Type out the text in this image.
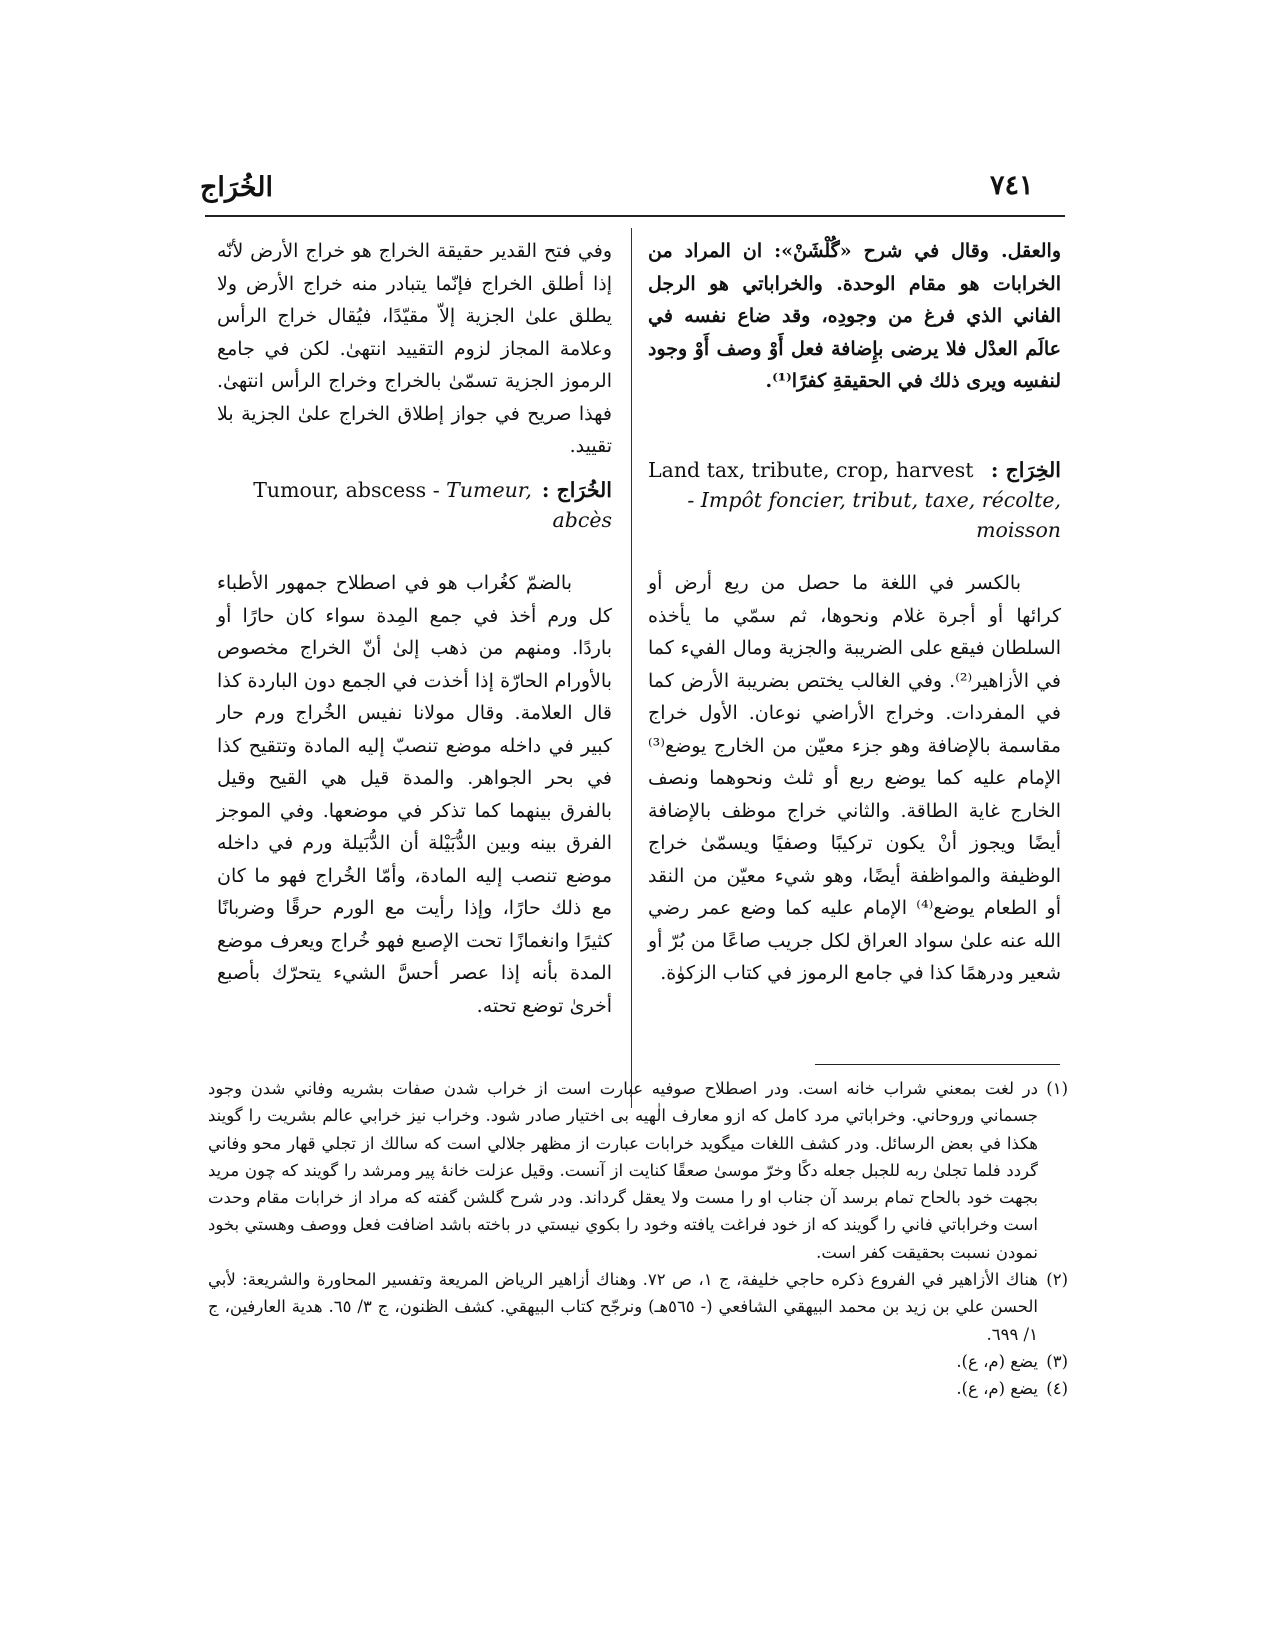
الخُرَاج	٧٤١

والعقل. وقال في شرح «گُلْشَنْ»: ان المراد من الخرابات هو مقام الوحدة. والخراباتي هو الرجل الفاني الذي فرغ من وجودِه، وقد ضاع نفسه في عالَم العدْل فلا يرضى بإِضافة فعل أَوْ وصف أَوْ وجود لنفسِه ويرى ذلك في الحقيقةِ كفرًا⁽¹⁾.

الخِرَاج :
Land tax, tribute, crop, harvest
- Impôt foncier, tribut, taxe, récolte, moisson

بالكسر في اللغة ما حصل من ريع أرض أو كرائها أو أجرة غلام ونحوها، ثم سمّي ما يأخذه السلطان فيقع على الضريبة والجزية ومال الفيء كما في الأزاهير⁽²⁾. وفي الغالب يختص بضريبة الأرض كما في المفردات. وخراج الأراضي نوعان. الأول خراج مقاسمة بالإضافة وهو جزء معيّن من الخارج يوضع⁽³⁾ الإمام عليه كما يوضع ربع أو ثلث ونحوهما ونصف الخارج غاية الطاقة. والثاني خراج موظف بالإضافة أيضًا ويجوز أنْ يكون تركيبًا وصفيًا ويسمّىٰ خراج الوظيفة والمواظفة أيضًا، وهو شيء معيّن من النقد أو الطعام يوضع⁽⁴⁾ الإمام عليه كما وضع عمر رضي الله عنه علىٰ سواد العراق لكل جريب صاعًا من بُرّ أو شعير ودرهمًا كذا في جامع الرموز في كتاب الزكوٰة.

وفي فتح القدير حقيقة الخراج هو خراج الأرض لأنّه إذا أطلق الخراج فإنّما يتبادر منه خراج الأرض ولا يطلق علىٰ الجزية إلاّ مقيّدًا، فيُقال خراج الرأس وعلامة المجاز لزوم التقييد انتهىٰ. لكن في جامع الرموز الجزية تسمّىٰ بالخراج وخراج الرأس انتهىٰ. فهذا صريح في جواز إطلاق الخراج علىٰ الجزية بلا تقييد.

الخُرَاج :
Tumour, abscess - Tumeur,
abcès

بالضمّ كغُراب هو في اصطلاح جمهور الأطباء كل ورم أخذ في جمع المِدة سواء كان حارًا أو باردًا. ومنهم من ذهب إلىٰ أنّ الخراج مخصوص بالأورام الحارّة إذا أخذت في الجمع دون الباردة كذا قال العلامة. وقال مولانا نفيس الخُراج ورم حار كبير في داخله موضع تنصبّ إليه المادة وتتقيح كذا في بحر الجواهر. والمدة قيل هي القيح وقيل بالفرق بينهما كما تذكر في موضعها. وفي الموجز الفرق بينه وبين الدُّبَيْلة أن الدُّبَيلة ورم في داخله موضع تنصب إليه المادة، وأمّا الخُراج فهو ما كان مع ذلك حارًا، وإذا رأيت مع الورم حرقًا وضربانًا كثيرًا وانغمازًا تحت الإصبع فهو خُراج ويعرف موضع المدة بأنه إذا عصر أحسَّ الشيء يتحرّك بأصبع أخرىٰ توضع تحته.

(١)
در لغت بمعني شراب خانه است. ودر اصطلاح صوفيه عبارت است از خراب شدن صفات بشريه وفاني شدن وجود جسماني وروحاني. وخراباتي مرد كامل كه ازو معارف الٰهيه بى اختيار صادر شود. وخراب نيز خرابي عالم بشريت را گويند هكذا في بعض الرسائل. ودر كشف اللغات ميگويد خرابات عبارت از مظهر جلالي است كه سالك از تجلي قهار محو وفاني گردد فلما تجلىٰ ربه للجبل جعله دكًا وخرّ موسىٰ صعقًا كنايت از آنست. وقيل عزلت خانهٔ پير ومرشد را گويند كه چون مريد بجهت خود بالحاح تمام برسد آن جناب او را مست ولا يعقل گرداند. ودر شرح گلشن گفته كه مراد از خرابات مقام وحدت است وخراباتي فاني را گويند كه از خود فراغت يافته وخود را بكوي نيستي در باخته باشد اضافت فعل ووصف وهستي بخود نمودن نسبت بحقيقت كفر است.
(٢)
هناك الأزاهير في الفروع ذكره حاجي خليفة، ج ١، ص ٧٢. وهناك أزاهير الرياض المريعة وتفسير المحاورة والشريعة: لأبي الحسن علي بن زيد بن محمد البيهقي الشافعي (- ٥٦٥هـ) ونرجّح كتاب البيهقي. كشف الظنون، ج ٣/ ٦٥. هدية العارفين، ج ١/ ٦٩٩.
(٣)
يضع (م، ع).
(٤)
يضع (م، ع).
